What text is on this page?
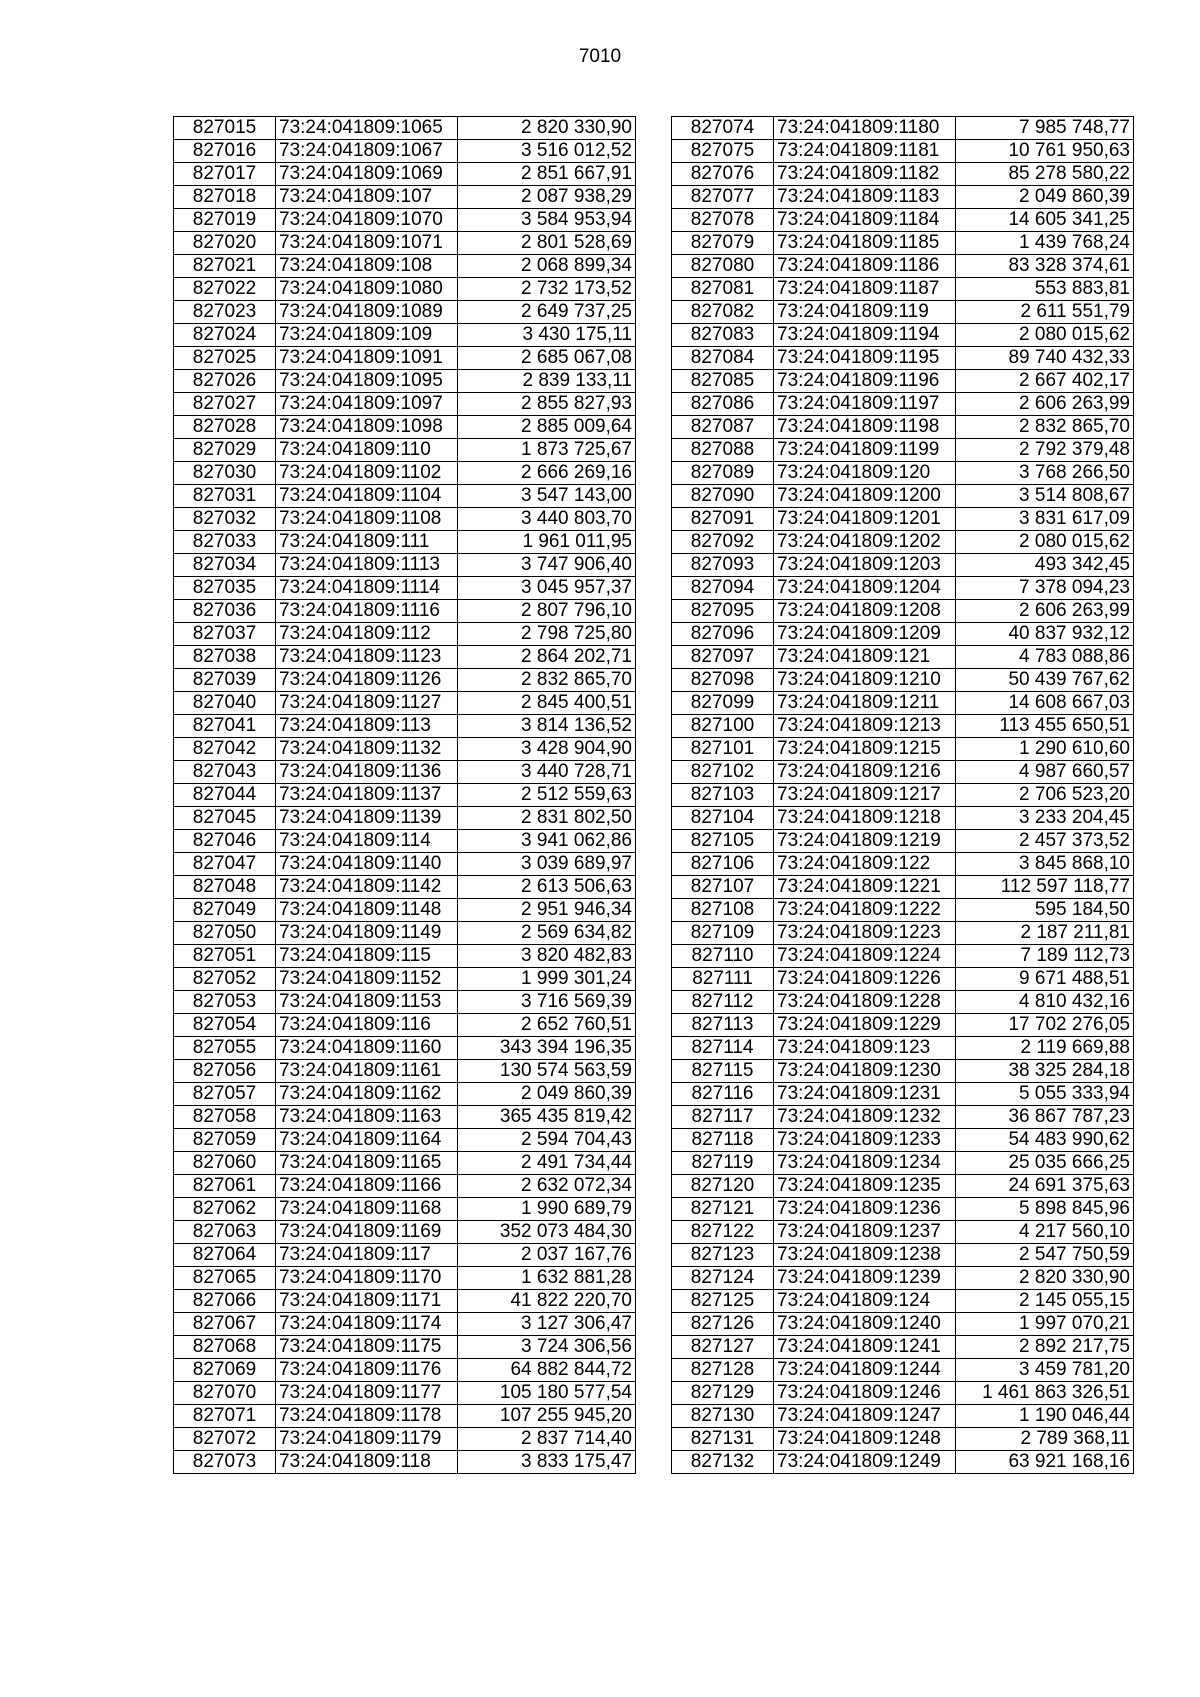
7010
827015	73:24:041809:1065	2 820 330,90
827016	73:24:041809:1067	3 516 012,52
827017	73:24:041809:1069	2 851 667,91
827018	73:24:041809:107	2 087 938,29
827019	73:24:041809:1070	3 584 953,94
827020	73:24:041809:1071	2 801 528,69
827021	73:24:041809:108	2 068 899,34
827022	73:24:041809:1080	2 732 173,52
827023	73:24:041809:1089	2 649 737,25
827024	73:24:041809:109	3 430 175,11
827025	73:24:041809:1091	2 685 067,08
827026	73:24:041809:1095	2 839 133,11
827027	73:24:041809:1097	2 855 827,93
827028	73:24:041809:1098	2 885 009,64
827029	73:24:041809:110	1 873 725,67
827030	73:24:041809:1102	2 666 269,16
827031	73:24:041809:1104	3 547 143,00
827032	73:24:041809:1108	3 440 803,70
827033	73:24:041809:111	1 961 011,95
827034	73:24:041809:1113	3 747 906,40
827035	73:24:041809:1114	3 045 957,37
827036	73:24:041809:1116	2 807 796,10
827037	73:24:041809:112	2 798 725,80
827038	73:24:041809:1123	2 864 202,71
827039	73:24:041809:1126	2 832 865,70
827040	73:24:041809:1127	2 845 400,51
827041	73:24:041809:113	3 814 136,52
827042	73:24:041809:1132	3 428 904,90
827043	73:24:041809:1136	3 440 728,71
827044	73:24:041809:1137	2 512 559,63
827045	73:24:041809:1139	2 831 802,50
827046	73:24:041809:114	3 941 062,86
827047	73:24:041809:1140	3 039 689,97
827048	73:24:041809:1142	2 613 506,63
827049	73:24:041809:1148	2 951 946,34
827050	73:24:041809:1149	2 569 634,82
827051	73:24:041809:115	3 820 482,83
827052	73:24:041809:1152	1 999 301,24
827053	73:24:041809:1153	3 716 569,39
827054	73:24:041809:116	2 652 760,51
827055	73:24:041809:1160	343 394 196,35
827056	73:24:041809:1161	130 574 563,59
827057	73:24:041809:1162	2 049 860,39
827058	73:24:041809:1163	365 435 819,42
827059	73:24:041809:1164	2 594 704,43
827060	73:24:041809:1165	2 491 734,44
827061	73:24:041809:1166	2 632 072,34
827062	73:24:041809:1168	1 990 689,79
827063	73:24:041809:1169	352 073 484,30
827064	73:24:041809:117	2 037 167,76
827065	73:24:041809:1170	1 632 881,28
827066	73:24:041809:1171	41 822 220,70
827067	73:24:041809:1174	3 127 306,47
827068	73:24:041809:1175	3 724 306,56
827069	73:24:041809:1176	64 882 844,72
827070	73:24:041809:1177	105 180 577,54
827071	73:24:041809:1178	107 255 945,20
827072	73:24:041809:1179	2 837 714,40
827073	73:24:041809:118	3 833 175,47
827074	73:24:041809:1180	7 985 748,77
827075	73:24:041809:1181	10 761 950,63
827076	73:24:041809:1182	85 278 580,22
827077	73:24:041809:1183	2 049 860,39
827078	73:24:041809:1184	14 605 341,25
827079	73:24:041809:1185	1 439 768,24
827080	73:24:041809:1186	83 328 374,61
827081	73:24:041809:1187	553 883,81
827082	73:24:041809:119	2 611 551,79
827083	73:24:041809:1194	2 080 015,62
827084	73:24:041809:1195	89 740 432,33
827085	73:24:041809:1196	2 667 402,17
827086	73:24:041809:1197	2 606 263,99
827087	73:24:041809:1198	2 832 865,70
827088	73:24:041809:1199	2 792 379,48
827089	73:24:041809:120	3 768 266,50
827090	73:24:041809:1200	3 514 808,67
827091	73:24:041809:1201	3 831 617,09
827092	73:24:041809:1202	2 080 015,62
827093	73:24:041809:1203	493 342,45
827094	73:24:041809:1204	7 378 094,23
827095	73:24:041809:1208	2 606 263,99
827096	73:24:041809:1209	40 837 932,12
827097	73:24:041809:121	4 783 088,86
827098	73:24:041809:1210	50 439 767,62
827099	73:24:041809:1211	14 608 667,03
827100	73:24:041809:1213	113 455 650,51
827101	73:24:041809:1215	1 290 610,60
827102	73:24:041809:1216	4 987 660,57
827103	73:24:041809:1217	2 706 523,20
827104	73:24:041809:1218	3 233 204,45
827105	73:24:041809:1219	2 457 373,52
827106	73:24:041809:122	3 845 868,10
827107	73:24:041809:1221	112 597 118,77
827108	73:24:041809:1222	595 184,50
827109	73:24:041809:1223	2 187 211,81
827110	73:24:041809:1224	7 189 112,73
827111	73:24:041809:1226	9 671 488,51
827112	73:24:041809:1228	4 810 432,16
827113	73:24:041809:1229	17 702 276,05
827114	73:24:041809:123	2 119 669,88
827115	73:24:041809:1230	38 325 284,18
827116	73:24:041809:1231	5 055 333,94
827117	73:24:041809:1232	36 867 787,23
827118	73:24:041809:1233	54 483 990,62
827119	73:24:041809:1234	25 035 666,25
827120	73:24:041809:1235	24 691 375,63
827121	73:24:041809:1236	5 898 845,96
827122	73:24:041809:1237	4 217 560,10
827123	73:24:041809:1238	2 547 750,59
827124	73:24:041809:1239	2 820 330,90
827125	73:24:041809:124	2 145 055,15
827126	73:24:041809:1240	1 997 070,21
827127	73:24:041809:1241	2 892 217,75
827128	73:24:041809:1244	3 459 781,20
827129	73:24:041809:1246	1 461 863 326,51
827130	73:24:041809:1247	1 190 046,44
827131	73:24:041809:1248	2 789 368,11
827132	73:24:041809:1249	63 921 168,16
